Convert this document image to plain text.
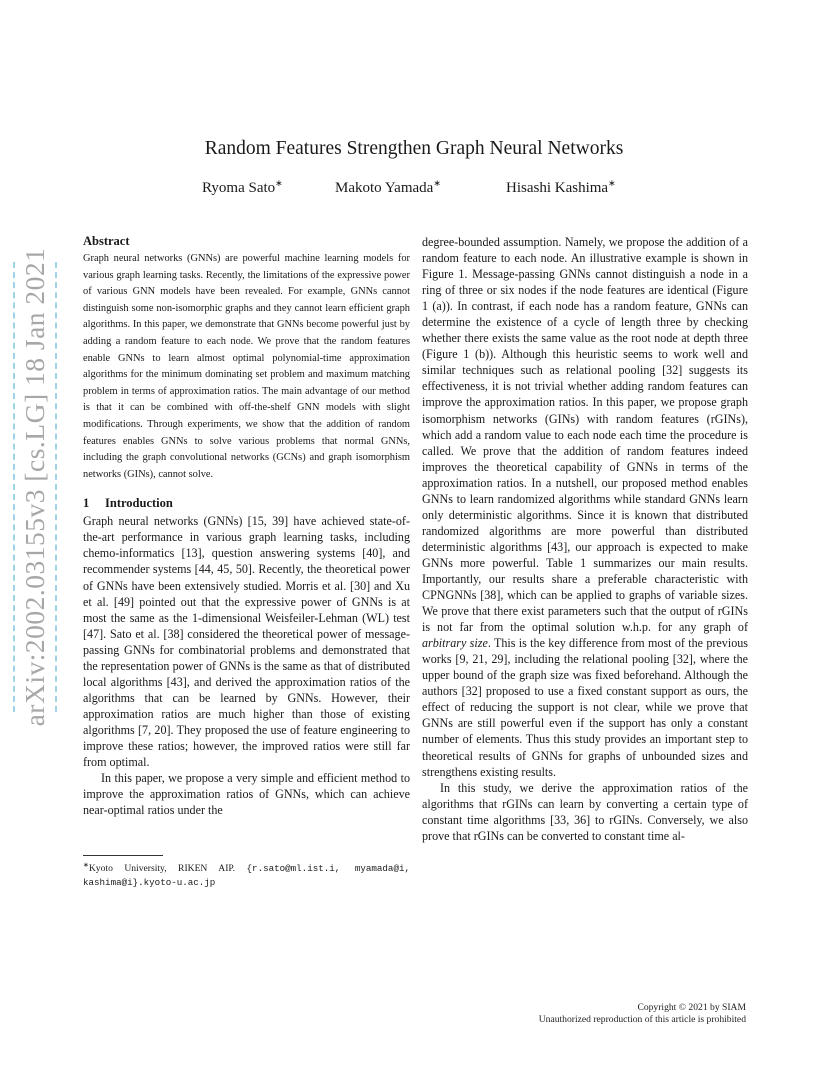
arXiv:2002.03155v3 [cs.LG] 18 Jan 2021
Random Features Strengthen Graph Neural Networks
Ryoma Sato∗	Makoto Yamada∗	Hisashi Kashima∗

Abstract

Graph neural networks (GNNs) are powerful machine learning models for various graph learning tasks. Recently, the limitations of the expressive power of various GNN models have been revealed. For example, GNNs cannot distinguish some non-isomorphic graphs and they cannot learn efficient graph algorithms. In this paper, we demonstrate that GNNs become powerful just by adding a random feature to each node. We prove that the random features enable GNNs to learn almost optimal polynomial-time approximation algorithms for the minimum dominating set problem and maximum matching problem in terms of approximation ratios. The main advantage of our method is that it can be combined with off-the-shelf GNN models with slight modifications. Through experiments, we show that the addition of random features enables GNNs to solve various problems that normal GNNs, including the graph convolutional networks (GCNs) and graph isomorphism networks (GINs), cannot solve.

1 Introduction

Graph neural networks (GNNs) [15, 39] have achieved state-of-the-art performance in various graph learning tasks, including chemo-informatics [13], question answering systems [40], and recommender systems [44, 45, 50]. Recently, the theoretical power of GNNs have been extensively studied. Morris et al. [30] and Xu et al. [49] pointed out that the expressive power of GNNs is at most the same as the 1-dimensional Weisfeiler-Lehman (WL) test [47]. Sato et al. [38] considered the theoretical power of message-passing GNNs for combinatorial problems and demonstrated that the representation power of GNNs is the same as that of distributed local algorithms [43], and derived the approximation ratios of the algorithms that can be learned by GNNs. However, their approximation ratios are much higher than those of existing algorithms [7, 20]. They proposed the use of feature engineering to improve these ratios; however, the improved ratios were still far from optimal.

In this paper, we propose a very simple and efficient method to improve the approximation ratios of GNNs, which can achieve near-optimal ratios under the

∗Kyoto University, RIKEN AIP. {r.sato@ml.ist.i, myamada@i, kashima@i}.kyoto-u.ac.jp

degree-bounded assumption. Namely, we propose the addition of a random feature to each node. An illustrative example is shown in Figure 1. Message-passing GNNs cannot distinguish a node in a ring of three or six nodes if the node features are identical (Figure 1 (a)). In contrast, if each node has a random feature, GNNs can determine the existence of a cycle of length three by checking whether there exists the same value as the root node at depth three (Figure 1 (b)). Although this heuristic seems to work well and similar techniques such as relational pooling [32] suggests its effectiveness, it is not trivial whether adding random features can improve the approximation ratios. In this paper, we propose graph isomorphism networks (GINs) with random features (rGINs), which add a random value to each node each time the procedure is called. We prove that the addition of random features indeed improves the theoretical capability of GNNs in terms of the approximation ratios. In a nutshell, our proposed method enables GNNs to learn randomized algorithms while standard GNNs learn only deterministic algorithms. Since it is known that distributed randomized algorithms are more powerful than distributed deterministic algorithms [43], our approach is expected to make GNNs more powerful. Table 1 summarizes our main results. Importantly, our results share a preferable characteristic with CPNGNNs [38], which can be applied to graphs of variable sizes. We prove that there exist parameters such that the output of rGINs is not far from the optimal solution w.h.p. for any graph of arbitrary size. This is the key difference from most of the previous works [9, 21, 29], including the relational pooling [32], where the upper bound of the graph size was fixed beforehand. Although the authors [32] proposed to use a fixed constant support as ours, the effect of reducing the support is not clear, while we prove that GNNs are still powerful even if the support has only a constant number of elements. Thus this study provides an important step to theoretical results of GNNs for graphs of unbounded sizes and strengthens existing results.

In this study, we derive the approximation ratios of the algorithms that rGINs can learn by converting a certain type of constant time algorithms [33, 36] to rGINs. Conversely, we also prove that rGINs can be converted to constant time al-

Copyright © 2021 by SIAM
Unauthorized reproduction of this article is prohibited
